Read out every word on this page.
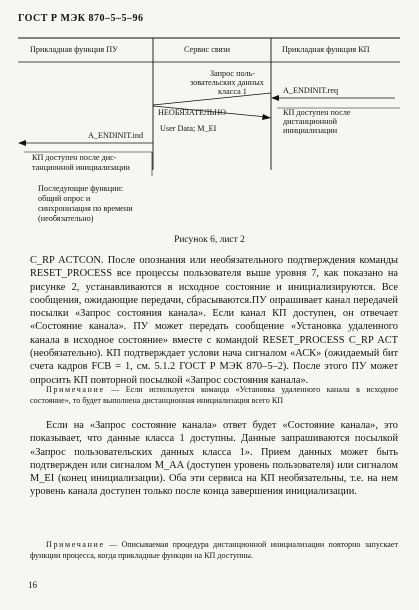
ГОСТ Р МЭК 870–5–5–96
Прикладная функция ПУ	Сервис связи	Прикладная функция КП
Запрос поль-
зовательских данных
класса 1	A_ENDINIT.req
НЕОБЯЗАТЕЛЬНО
User Data; M_EI
КП доступен после
дистанционной
инициализации
A_ENDINIT.ind
КП доступен после дис-
танционной инициализации
Последующие функции:
общий опрос и
синхронизация по времени
(необязательно)
Рисунок 6, лист 2

C_RP ACTCON. После опознания или необязательного подтверждения команды RESET_PROCESS все процессы пользователя выше уровня 7, как показано на рисунке 2, устанавливаются в исходное состояние и инициализируются. Все сообщения, ожидающие передачи, сбрасываются.ПУ опрашивает канал передачей посылки «Запрос состояния канала». Если канал КП доступен, он отвечает «Состояние канала». ПУ может передать сообщение «Установка удаленного канала в исходное состояние» вместе с командой RESET_PROCESS C_RP ACT (необязательно). КП подтверждает услови нача сигналом «АСК» (ожидаемый бит счета кадров FCB = 1, см. 5.1.2 ГОСТ Р МЭК 870–5–2). После этого ПУ может опросить КП повторной посылкой «Запрос состояния канала».

Примечание — Если используется команда «Установка удаленного канала в исходное состояние», то будет выполнена дистанционная инициализация всего КП

Если на «Запрос состояние канала» ответ будет «Состояние канала», это показывает, что данные класса 1 доступны. Данные запрашиваются посылкой «Запрос пользовательских данных класса 1». Прием данных может быть подтвержден или сигналом M_AA (доступен уровень пользователя) или сигналом M_EI (конец инициализации). Оба эти сервиса на КП необязательны, т.е. на нем уровень канала доступен только после конца завершения инициализации.

Примечание — Описываемая процедура дистанционной инициализации повторно запускает функции процесса, когда прикладные функции на КП доступны.
16
